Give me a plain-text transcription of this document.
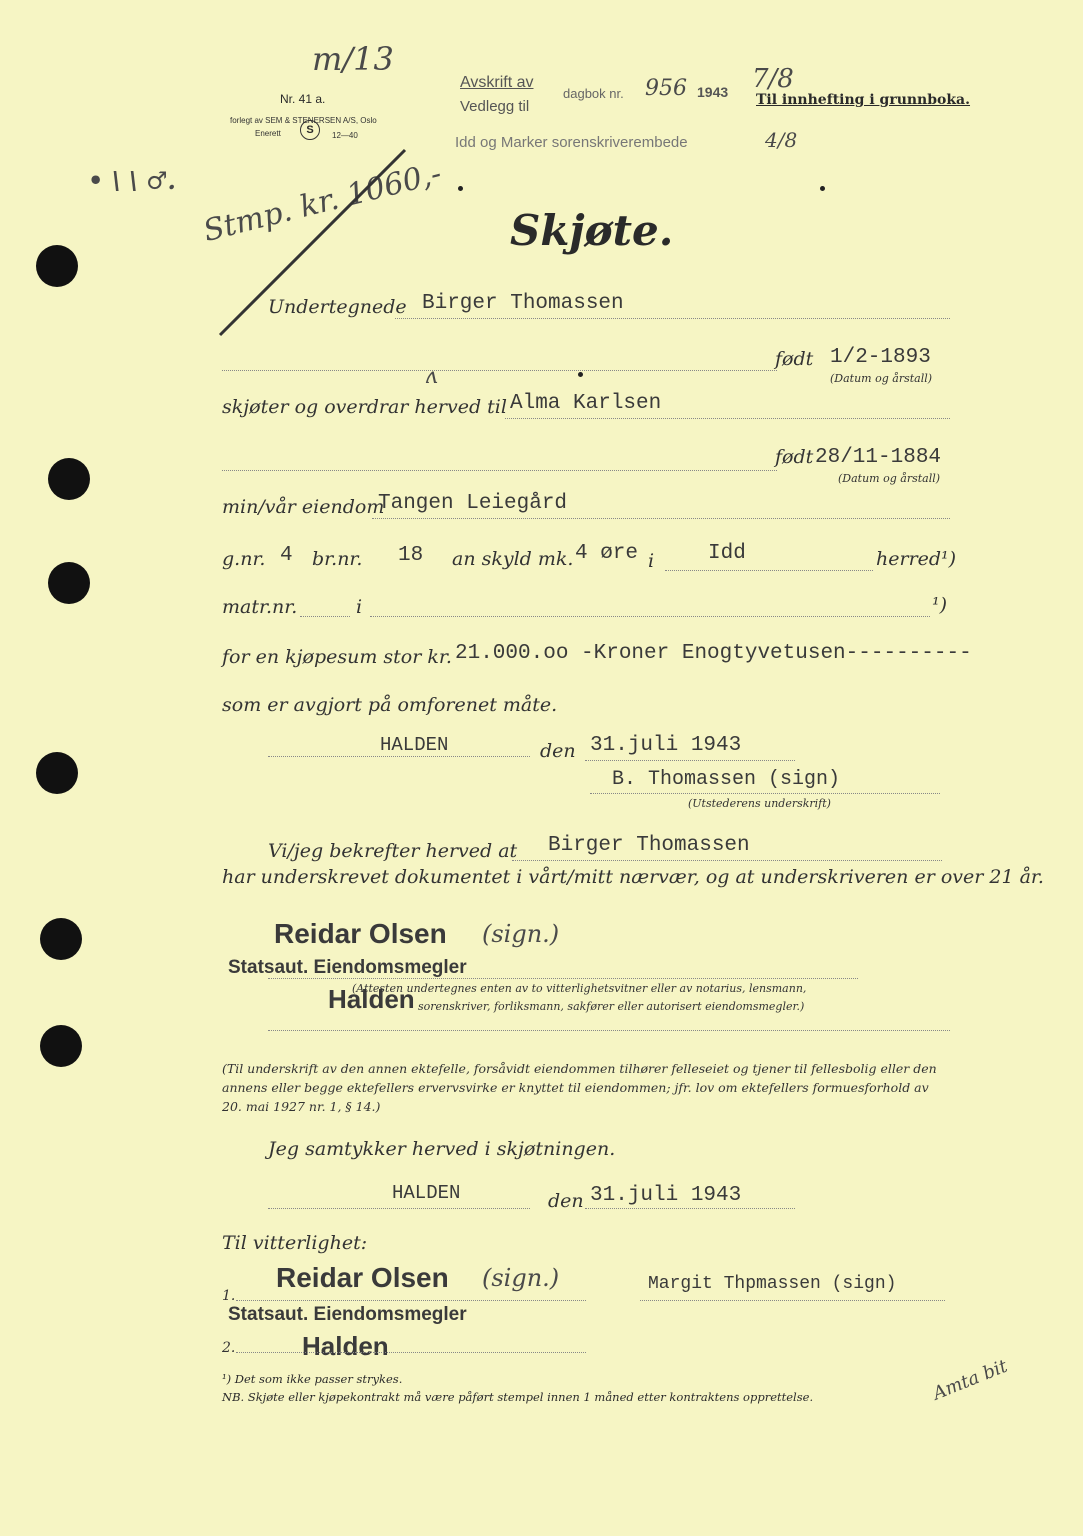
m/13
Nr. 41 a.
forlegt av SEM & STENERSEN A/S, Oslo
Enerett	S	12—40
Avskrift av
dagbok nr. 956 1943 7/8
Vedlegg til	Til innhefting i grunnboka.
Idd og Marker sorenskriverembede	4/8
• \ \ ♂. Stmp. kr. 1060,- Skjøte.
Undertegnede Birger Thomassen
født 1/2-1893
(Datum og årstall)
ʌ
skjøter og overdrar herved til Alma Karlsen
født 28/11-1884
(Datum og årstall)
min/vår eiendom
Tangen Leiegård
g.nr. 4 br.nr. 18 an skyld mk. 4 øre i	Idd	herred¹)
matr.nr.	i	¹)
for en kjøpesum stor kr. 21.000.oo -Kroner Enogtyvetusen----------
som er avgjort på omforenet måte.
HALDEN	den 31.juli 1943
B. Thomassen (sign)
(Utstederens underskrift)
Vi/jeg bekrefter herved at Birger Thomassen
har underskrevet dokumentet i vårt/mitt nærvær, og at underskriveren er over 21 år.
Reidar Olsen (sign.)
Statsaut. Eiendomsmegler
Halden
(Attesten undertegnes enten av to vitterlighetsvitner eller av notarius, lensmann,
sorenskriver, forliksmann, sakfører eller autorisert eiendomsmegler.)
(Til underskrift av den annen ektefelle, forsåvidt eiendommen tilhører felleseiet og tjener til fellesbolig eller den annens eller begge ektefellers ervervsvirke er knyttet til eiendommen; jfr. lov om ektefellers formuesforhold av 20. mai 1927 nr. 1, § 14.)
Jeg samtykker herved i skjøtningen.
HALDEN	den 31.juli 1943
Til vitterlighet:
1.
Reidar Olsen (sign.)
Statsaut. Eiendomsmegler
2.	Halden
Margit Thpmassen (sign)
¹) Det som ikke passer strykes.
NB. Skjøte eller kjøpekontrakt må være påført stempel innen 1 måned etter kontraktens opprettelse.	Amta bit
